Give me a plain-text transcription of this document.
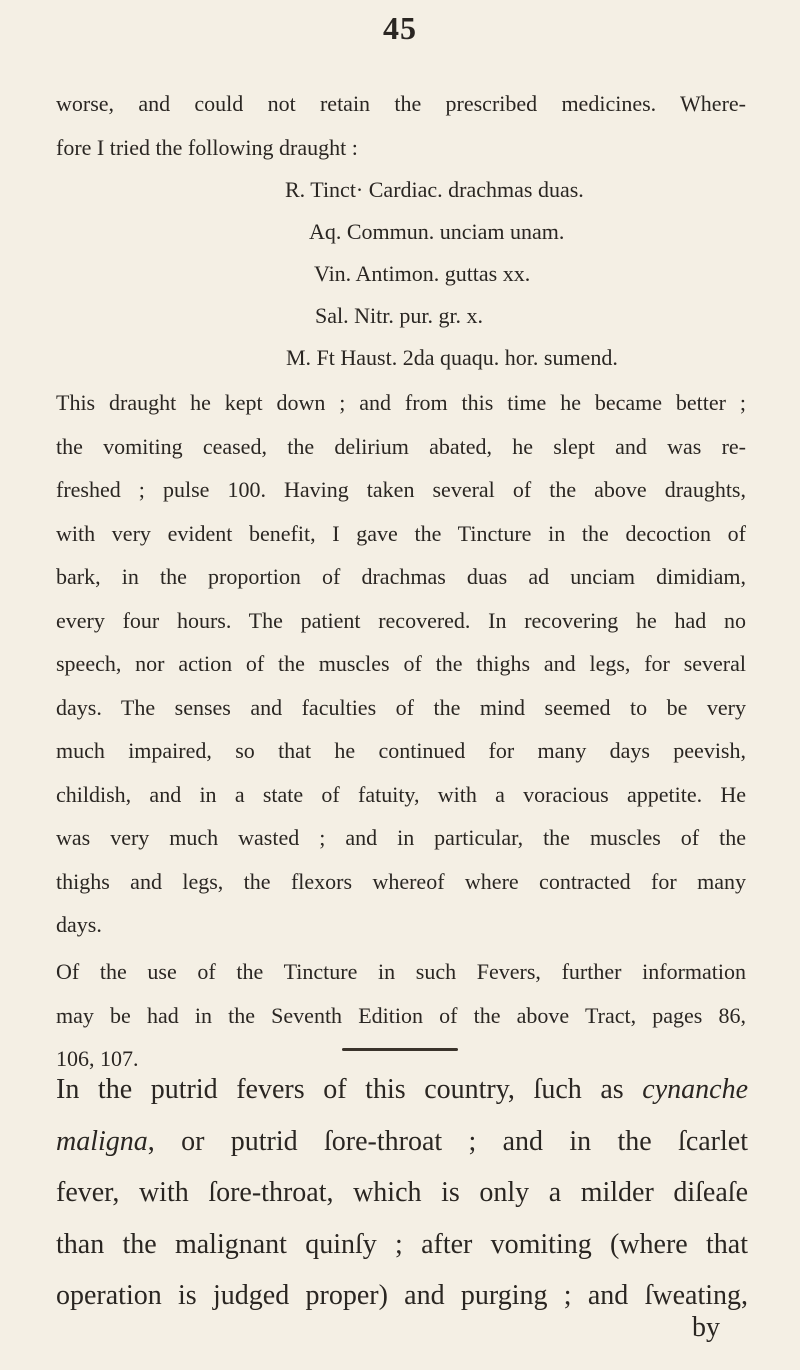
45
worse, and could not retain the prescribed medicines. Where-
fore I tried the following draught :
R. Tinct· Cardiac. drachmas duas.
Aq. Commun. unciam unam.
Vin. Antimon. guttas xx.
Sal. Nitr. pur. gr. x.
M. Ft Haust. 2da quaqu. hor. sumend.
This draught he kept down ; and from this time he became better ;
the vomiting ceased, the delirium abated, he slept and was re-
freshed ; pulse 100. Having taken several of the above draughts,
with very evident benefit, I gave the Tincture in the decoction of
bark, in the proportion of drachmas duas ad unciam dimidiam,
every four hours. The patient recovered. In recovering he had no
speech, nor action of the muscles of the thighs and legs, for several
days. The senses and faculties of the mind seemed to be very
much impaired, so that he continued for many days peevish,
childish, and in a state of fatuity, with a voracious appetite. He
was very much wasted ; and in particular, the muscles of the
thighs and legs, the flexors whereof where contracted for many
days.
Of the use of the Tincture in such Fevers, further information
may be had in the Seventh Edition of the above Tract, pages 86,
106, 107.
In the putrid fevers of this country, ſuch as cynanche
maligna, or putrid ſore-throat ; and in the ſcarlet
fever, with ſore-throat, which is only a milder diſeaſe
than the malignant quinſy ; after vomiting (where that
operation is judged proper) and purging ; and ſweating,
by
